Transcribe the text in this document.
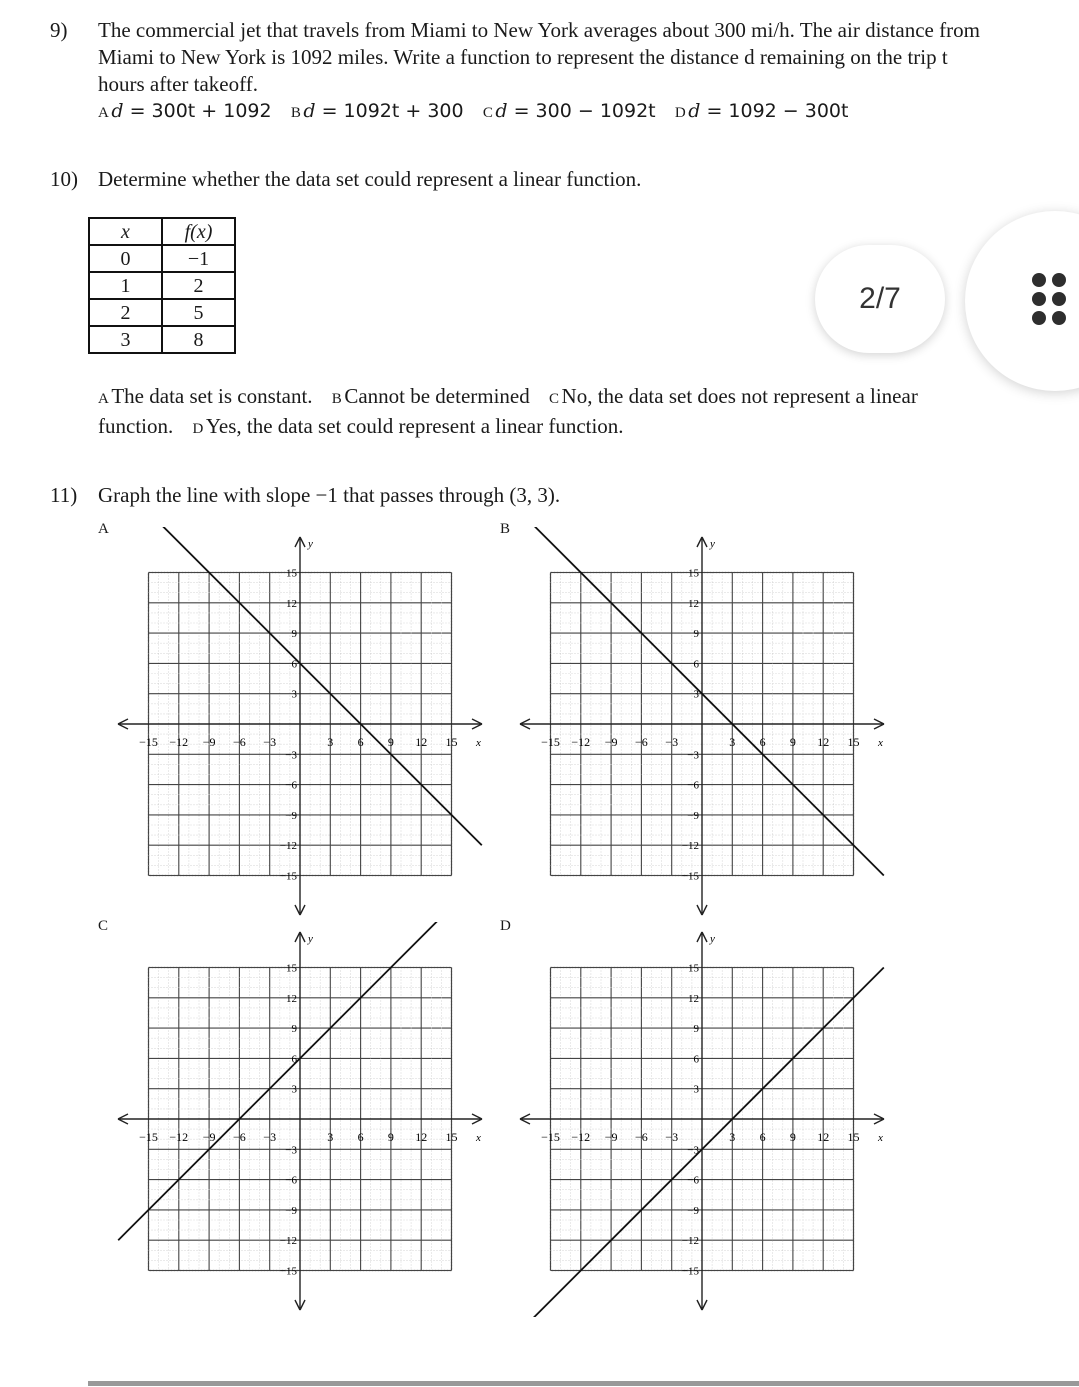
9) The commercial jet that travels from Miami to New York averages about 300 mi/h. The air distance from
Miami to New York is 1092 miles. Write a function to represent the distance d remaining on the trip t
hours after takeoff.
A d = 300t + 1092 B d = 1092t + 300 C d = 300 − 1092t D d = 1092 − 300t
10) Determine whether the data set could represent a linear function.
x	f(x)
0	−1
1	2
2	5
3	8
AThe data set is constant. BCannot be determined CNo, the data set does not represent a linear
function. DYes, the data set could represent a linear function.
11) Graph the line with slope −1 that passes through (3, 3).
A	B
C	D
x
y
−15 −12 −9 −6 −3	3 6 9 12 15
15
12
9
6
3
−3
−6
−9
−12
−15
x
y
−15 −12 −9 −6 −3	3 6 9 12 15
15
12
9
6
3
−3
−6
−9
−12
−15
x
y
−15 −12 −9 −6 −3	3 6 9 12 15
15
12
9
6
3
−3
−6
−9
−12
−15
x
y
−15 −12 −9 −6 −3	3 6 9 12 15
15
12
9
6
3
−3
−6
−9
−12
−15
2/7
